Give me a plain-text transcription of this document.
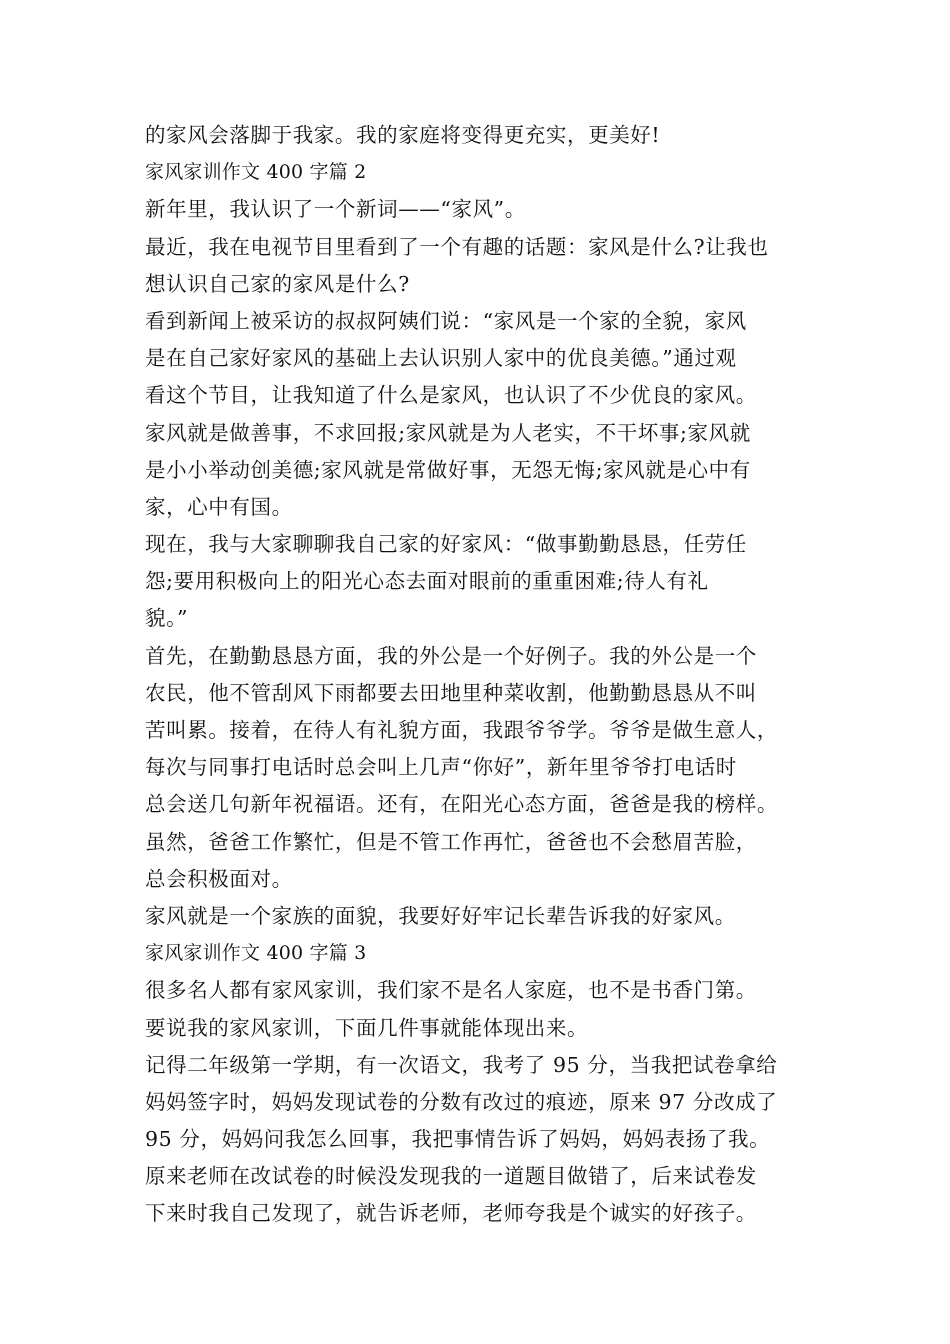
的家风会落脚于我家。我的家庭将变得更充实，更美好!
家风家训作文 400 字篇 2
新年里，我认识了一个新词——“家风”。
最近，我在电视节目里看到了一个有趣的话题：家风是什么?让我也
想认识自己家的家风是什么?
看到新闻上被采访的叔叔阿姨们说：“家风是一个家的全貌，家风
是在自己家好家风的基础上去认识别人家中的优良美德。”通过观
看这个节目，让我知道了什么是家风，也认识了不少优良的家风。
家风就是做善事，不求回报;家风就是为人老实，不干坏事;家风就
是小小举动创美德;家风就是常做好事，无怨无悔;家风就是心中有
家，心中有国。
现在，我与大家聊聊我自己家的好家风：“做事勤勤恳恳，任劳任
怨;要用积极向上的阳光心态去面对眼前的重重困难;待人有礼
貌。”
首先，在勤勤恳恳方面，我的外公是一个好例子。我的外公是一个
农民，他不管刮风下雨都要去田地里种菜收割，他勤勤恳恳从不叫
苦叫累。接着，在待人有礼貌方面，我跟爷爷学。爷爷是做生意人，
每次与同事打电话时总会叫上几声“你好”，新年里爷爷打电话时
总会送几句新年祝福语。还有，在阳光心态方面，爸爸是我的榜样。
虽然，爸爸工作繁忙，但是不管工作再忙，爸爸也不会愁眉苦脸，
总会积极面对。
家风就是一个家族的面貌，我要好好牢记长辈告诉我的好家风。
家风家训作文 400 字篇 3
很多名人都有家风家训，我们家不是名人家庭，也不是书香门第。
要说我的家风家训，下面几件事就能体现出来。
记得二年级第一学期，有一次语文，我考了 95 分，当我把试卷拿给
妈妈签字时，妈妈发现试卷的分数有改过的痕迹，原来 97 分改成了
95 分，妈妈问我怎么回事，我把事情告诉了妈妈，妈妈表扬了我。
原来老师在改试卷的时候没发现我的一道题目做错了，后来试卷发
下来时我自己发现了，就告诉老师，老师夸我是个诚实的好孩子。
